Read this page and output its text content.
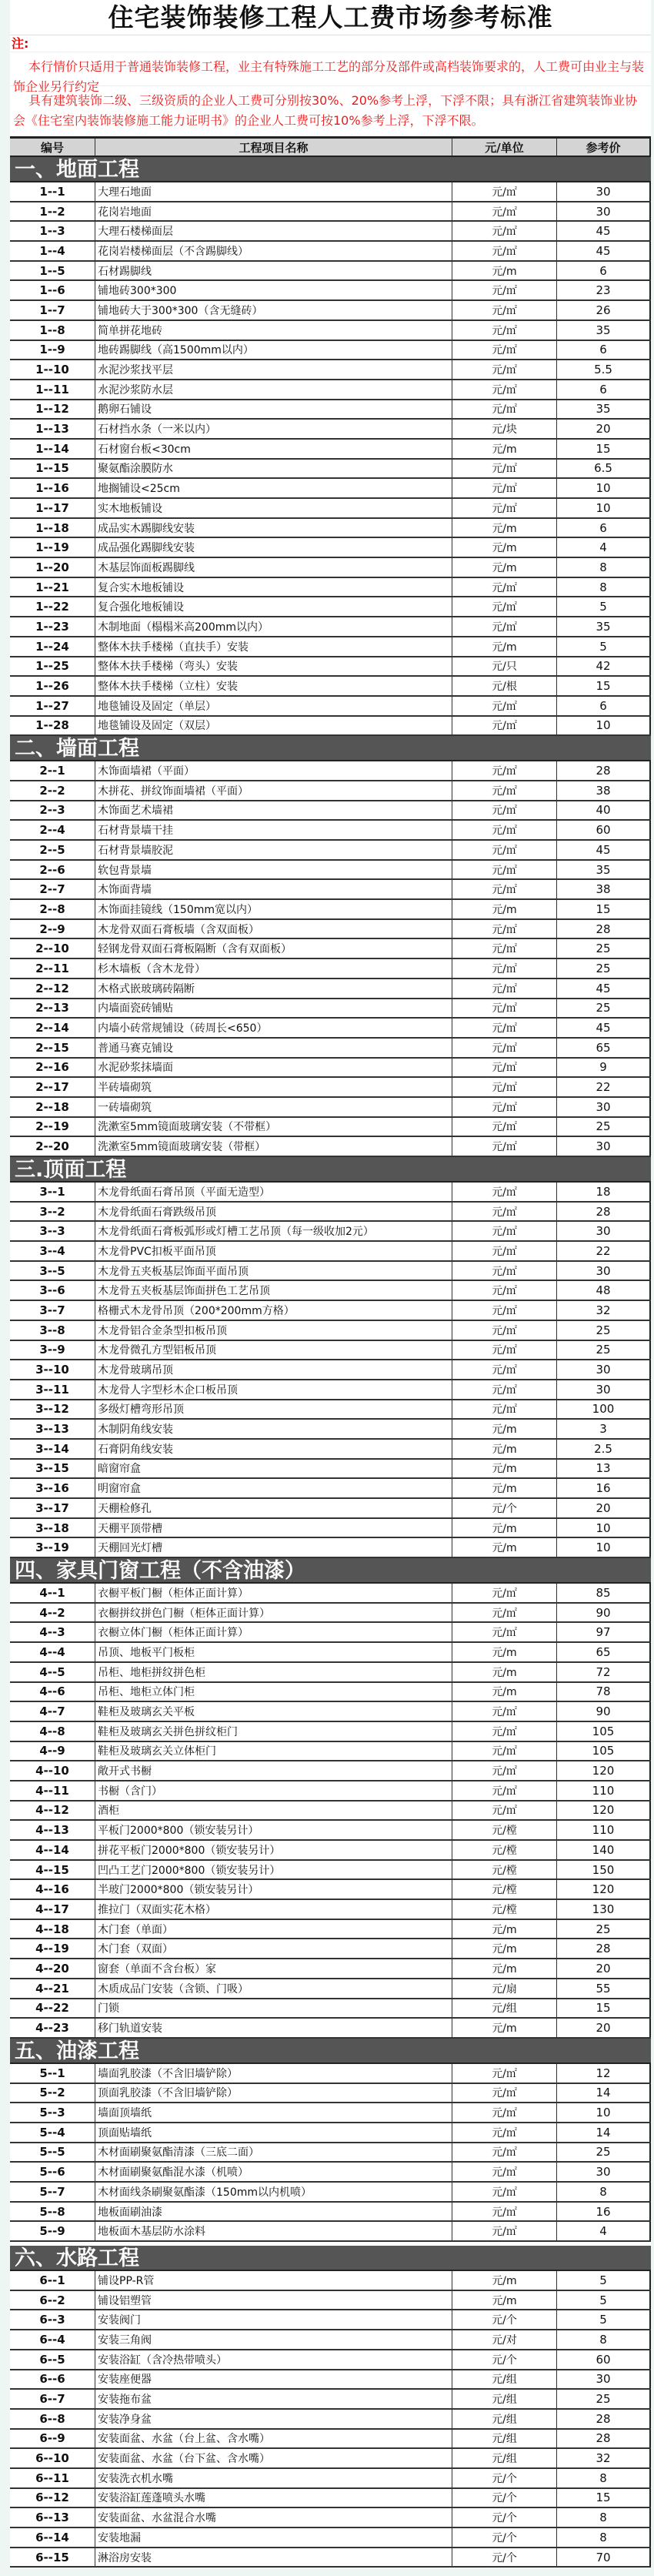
住宅装饰装修工程人工费市场参考标准
注:
本行情价只适用于普通装饰装修工程，业主有特殊施工工艺的部分及部件或高档装饰要求的，人工费可由业主与装饰企业另行约定
具有建筑装饰二级、三级资质的企业人工费可分别按30%、20%参考上浮，下浮不限；具有浙江省建筑装饰业协会《住宅室内装饰装修施工能力证明书》的企业人工费可按10%参考上浮，下浮不限。
编号	工程项目名称	元/单位	参考价
一、地面工程
1--1	大理石地面	元/㎡	30
1--2	花岗岩地面	元/㎡	30
1--3	大理石楼梯面层	元/㎡	45
1--4	花岗岩楼梯面层（不含踢脚线）	元/㎡	45
1--5	石材踢脚线	元/m	6
1--6	铺地砖300*300	元/㎡	23
1--7	铺地砖大于300*300（含无缝砖）	元/㎡	26
1--8	简单拼花地砖	元/㎡	35
1--9	地砖踢脚线（高1500mm以内）	元/㎡	6
1--10	水泥沙浆找平层	元/㎡	5.5
1--11	水泥沙浆防水层	元/㎡	6
1--12	鹅卵石铺设	元/㎡	35
1--13	石材挡水条（一米以内）	元/块	20
1--14	石材窗台板<30cm	元/m	15
1--15	聚氨酯涂膜防水	元/㎡	6.5
1--16	地搁铺设<25cm	元/㎡	10
1--17	实木地板铺设	元/㎡	10
1--18	成品实木踢脚线安装	元/m	6
1--19	成品强化踢脚线安装	元/m	4
1--20	木基层饰面板踢脚线	元/m	8
1--21	复合实木地板铺设	元/㎡	8
1--22	复合强化地板铺设	元/㎡	5
1--23	木制地面（榻榻米高200mm以内）	元/㎡	35
1--24	整体木扶手楼梯（直扶手）安装	元/m	5
1--25	整体木扶手楼梯（弯头）安装	元/只	42
1--26	整体木扶手楼梯（立柱）安装	元/根	15
1--27	地毯铺设及固定（单层）	元/㎡	6
1--28	地毯铺设及固定（双层）	元/㎡	10
二、墙面工程
2--1	木饰面墙裙（平面）	元/㎡	28
2--2	木拼花、拼纹饰面墙裙（平面）	元/㎡	38
2--3	木饰面艺术墙裙	元/㎡	40
2--4	石材背景墙干挂	元/㎡	60
2--5	石材背景墙胶泥	元/㎡	45
2--6	软包背景墙	元/㎡	35
2--7	木饰面背墙	元/㎡	38
2--8	木饰面挂镜线（150mm宽以内）	元/m	15
2--9	木龙骨双面石膏板墙（含双面板）	元/㎡	28
2--10	轻钢龙骨双面石膏板隔断（含有双面板）	元/㎡	25
2--11	杉木墙板（含木龙骨）	元/㎡	25
2--12	木格式嵌玻璃砖隔断	元/㎡	45
2--13	内墙面瓷砖铺贴	元/㎡	25
2--14	内墙小砖常规铺设（砖周长<650）	元/㎡	45
2--15	普通马赛克铺设	元/㎡	65
2--16	水泥砂浆抹墙面	元/㎡	9
2--17	半砖墙砌筑	元/㎡	22
2--18	一砖墙砌筑	元/㎡	30
2--19	洗漱室5mm镜面玻璃安装（不带框）	元/㎡	25
2--20	洗漱室5mm镜面玻璃安装（带框）	元/㎡	30
三.顶面工程
3--1	木龙骨纸面石膏吊顶（平面无造型）	元/㎡	18
3--2	木龙骨纸面石膏跌级吊顶	元/㎡	28
3--3	木龙骨纸面石膏板弧形或灯槽工艺吊顶（每一级收加2元）	元/㎡	30
3--4	木龙骨PVC扣板平面吊顶	元/㎡	22
3--5	木龙骨五夹板基层饰面平面吊顶	元/㎡	30
3--6	木龙骨五夹板基层饰面拼色工艺吊顶	元/㎡	48
3--7	格栅式木龙骨吊顶（200*200mm方格）	元/㎡	32
3--8	木龙骨铝合金条型扣板吊顶	元/㎡	25
3--9	木龙骨微孔方型铝板吊顶	元/㎡	25
3--10	木龙骨玻璃吊顶	元/㎡	30
3--11	木龙骨人字型杉木企口板吊顶	元/㎡	30
3--12	多级灯槽弯形吊顶	元/㎡	100
3--13	木制阴角线安装	元/m	3
3--14	石膏阴角线安装	元/m	2.5
3--15	暗窗帘盒	元/m	13
3--16	明窗帘盒	元/m	16
3--17	天棚检修孔	元/个	20
3--18	天棚平顶带槽	元/m	10
3--19	天棚回光灯槽	元/m	10
四、家具门窗工程（不含油漆）
4--1	衣橱平板门橱（柜体正面计算）	元/㎡	85
4--2	衣橱拼纹拼色门橱（柜体正面计算）	元/㎡	90
4--3	衣橱立体门橱（柜体正面计算）	元/㎡	97
4--4	吊顶、地板平门板柜	元/m	65
4--5	吊柜、地柜拼纹拼色柜	元/m	72
4--6	吊柜、地柜立体门柜	元/m	78
4--7	鞋柜及玻璃玄关平板	元/㎡	90
4--8	鞋柜及玻璃玄关拼色拼纹柜门	元/㎡	105
4--9	鞋柜及玻璃玄关立体柜门	元/㎡	105
4--10	敞开式书橱	元/㎡	120
4--11	书橱（含门）	元/㎡	110
4--12	酒柜	元/㎡	120
4--13	平板门2000*800（锁安装另计）	元/樘	110
4--14	拼花平板门2000*800（锁安装另计）	元/樘	140
4--15	凹凸工艺门2000*800（锁安装另计）	元/樘	150
4--16	半玻门2000*800（锁安装另计）	元/樘	120
4--17	推拉门（双面实花木格）	元/樘	130
4--18	木门套（单面）	元/m	25
4--19	木门套（双面）	元/m	28
4--20	窗套（单面不含台板）家	元/m	20
4--21	木质成品门安装（含锁、门吸）	元/扇	55
4--22	门锁	元/组	15
4--23	移门轨道安装	元/m	20
五、油漆工程
5--1	墙面乳胶漆（不含旧墙铲除）	元/㎡	12
5--2	顶面乳胶漆（不含旧墙铲除）	元/㎡	14
5--3	墙面顶墙纸	元/㎡	10
5--4	顶面贴墙纸	元/㎡	14
5--5	木材面刷聚氨酯清漆（三底二面）	元/㎡	25
5--6	木材面刷聚氨酯混水漆（机喷）	元/㎡	30
5--7	木材面线条刷聚氨酯漆（150mm以内机喷）	元/㎡	8
5--8	地板面刷油漆	元/㎡	16
5--9	地板面木基层防水涂料	元/㎡	4
六、水路工程
6--1	铺设PP-R管	元/m	5
6--2	铺设铝塑管	元/m	5
6--3	安装阀门	元/个	5
6--4	安装三角阀	元/对	8
6--5	安装浴缸（含冷热带喷头）	元/个	60
6--6	安装座便器	元/组	30
6--7	安装拖布盆	元/组	25
6--8	安装净身盆	元/组	28
6--9	安装面盆、水盆（台上盆、含水嘴）	元/组	28
6--10	安装面盆、水盆（台下盆、含水嘴）	元/组	32
6--11	安装洗衣机水嘴	元/个	8
6--12	安装浴缸莲蓬喷头水嘴	元/个	15
6--13	安装面盆、水盆混合水嘴	元/个	8
6--14	安装地漏	元/个	8
6--15	淋浴房安装	元/个	70
